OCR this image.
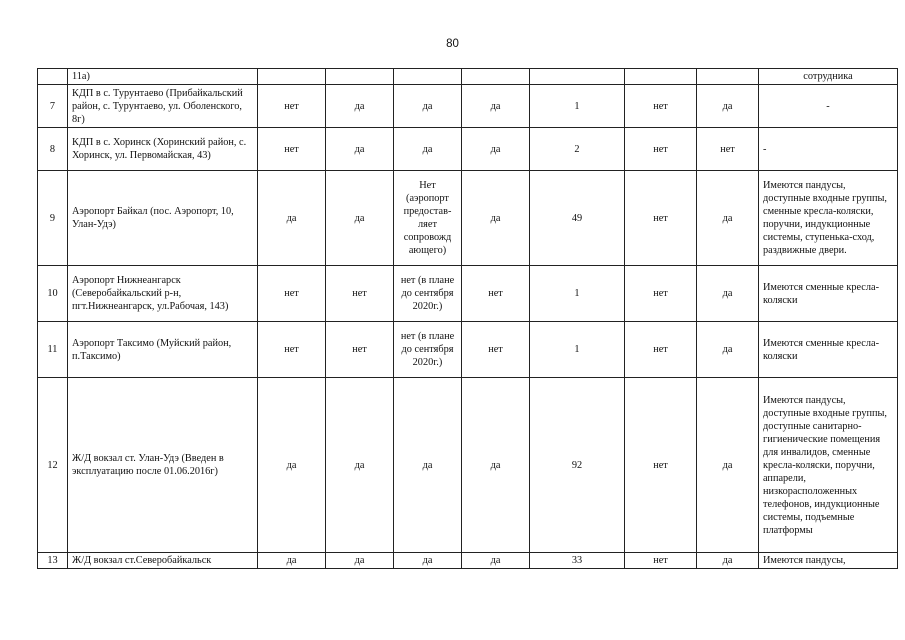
80
	11а)								сотрудника
7	КДП в с. Турунтаево (Прибайкальский район, с. Турунтаево, ул. Оболенского, 8г)	нет	да	да	да	1	нет	да	-
8	КДП в с. Хоринск (Хоринский район, с. Хоринск, ул. Первомайская, 43)	нет	да	да	да	2	нет	нет	-
9	Аэропорт Байкал (пос. Аэропорт, 10, Улан-Удэ)	да	да	Нет (аэропорт предостав-ляет сопровожд ающего)	да	49	нет	да	Имеются пандусы, доступные входные группы, сменные кресла-коляски, поручни, индукционные системы, ступенька-сход, раздвижные двери.
10	Аэропорт Нижнеангарск (Северобайкальский р-н, пгт.Нижнеангарск, ул.Рабочая, 143)	нет	нет	нет (в плане до сентября 2020г.)	нет	1	нет	да	Имеются сменные кресла-коляски
11	Аэропорт Таксимо (Муйский район, п.Таксимо)	нет	нет	нет (в плане до сентября 2020г.)	нет	1	нет	да	Имеются сменные кресла-коляски
12	Ж/Д вокзал ст. Улан-Удэ (Введен в эксплуатацию после 01.06.2016г)	да	да	да	да	92	нет	да	Имеются пандусы, доступные входные группы, доступные санитарно-гигиенические помещения для инвалидов, сменные кресла-коляски, поручни, аппарели, низкорасположенных телефонов, индукционные системы, подъемные платформы
13	Ж/Д вокзал ст.Северобайкальск	да	да	да	да	33	нет	да	Имеются пандусы,
